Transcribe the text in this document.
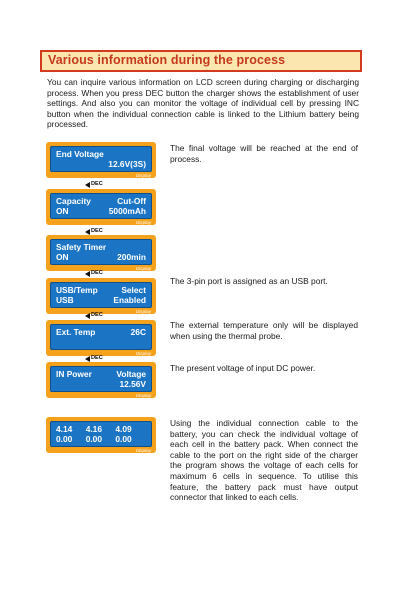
Various information during the process
You can inquire various information on LCD screen during charging or discharging process. When you press DEC button the charger shows the establishment of user settings. And also you can monitor the voltage of individual cell by pressing INC button when the individual connection cable is linked to the Lithium battery being processed.
End Voltage
12.6V(3S)
Display
DEC
Capacity	Cut-Off
ON	5000mAh
Display
DEC
Safety Timer
ON	200min
Display
DEC
USB/Temp	Select
USB	Enabled
Display
DEC
Ext. Temp	26C
Display
DEC
IN Power	Voltage
12.56V
Display
4.14 4.16 4.09
0.00 0.00 0.00
Display
The final voltage will be reached at the end of process.
The 3-pin port is assigned as an USB port.
The external temperature only will be displayed when using the thermal probe.
The present voltage of input DC power.
Using the individual connection cable to the battery, you can check the individual voltage of each cell in the battery pack. When connect the cable to the port on the right side of the charger the program shows the voltage of each cells for maximum 6 cells in sequence. To utilise this feature, the battery pack must have output connector that linked to each cells.
